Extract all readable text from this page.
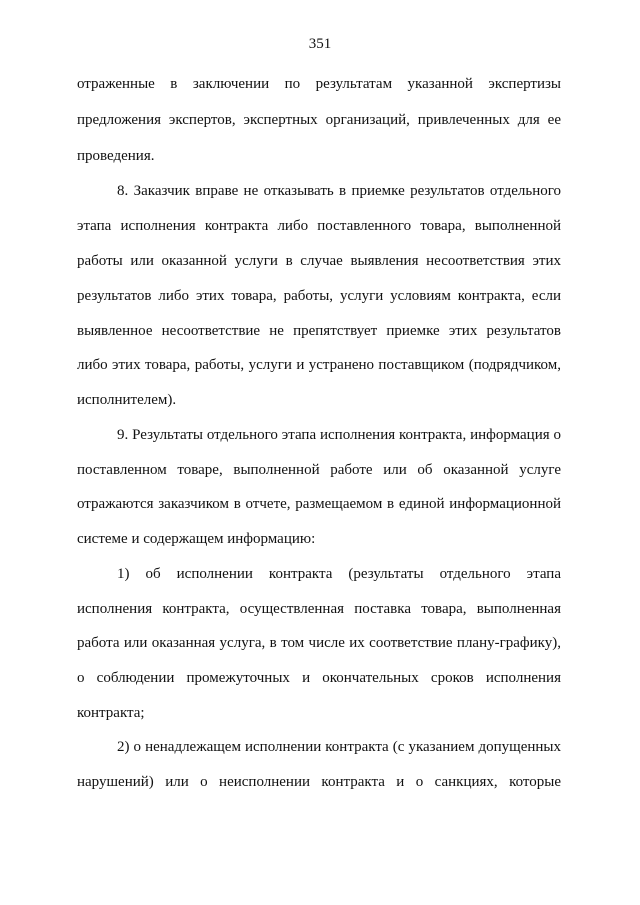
351
отраженные в заключении по результатам указанной экспертизы
предложения экспертов, экспертных организаций, привлеченных для ее
проведения.
8. Заказчик вправе не отказывать в приемке результатов отдельного
этапа исполнения контракта либо поставленного товара, выполненной
работы или оказанной услуги в случае выявления несоответствия этих
результатов либо этих товара, работы, услуги условиям контракта, если
выявленное несоответствие не препятствует приемке этих результатов
либо этих товара, работы, услуги и устранено поставщиком (подрядчиком,
исполнителем).
9. Результаты отдельного этапа исполнения контракта, информация о
поставленном товаре, выполненной работе или об оказанной услуге
отражаются заказчиком в отчете, размещаемом в единой информационной
системе и содержащем информацию:
1) об исполнении контракта (результаты отдельного этапа
исполнения контракта, осуществленная поставка товара, выполненная
работа или оказанная услуга, в том числе их соответствие плану-графику),
о соблюдении промежуточных и окончательных сроков исполнения
контракта;
2) о ненадлежащем исполнении контракта (с указанием допущенных
нарушений) или о неисполнении контракта и о санкциях, которые
